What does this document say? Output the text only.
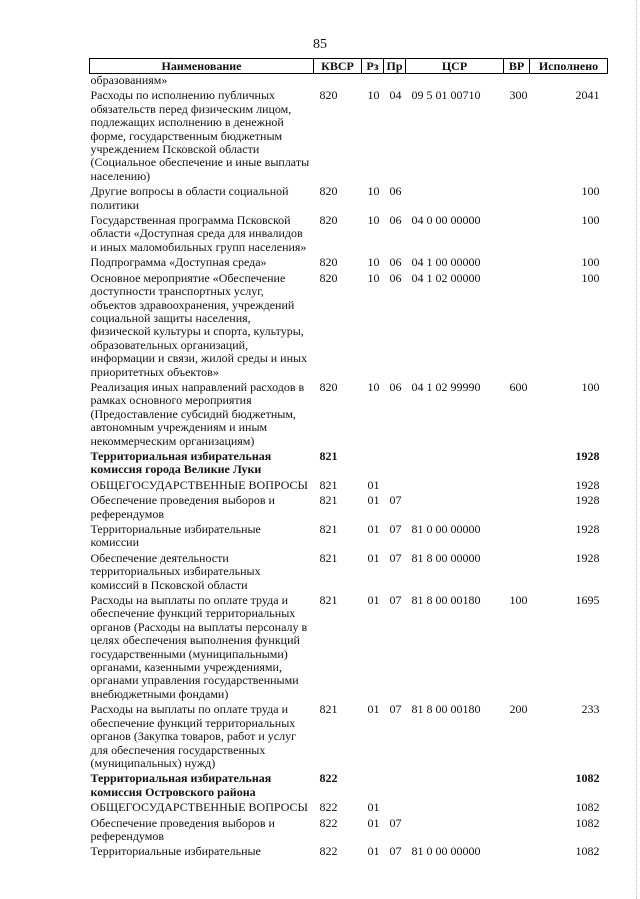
85
Наименование	КВСР	Рз	Пр	ЦСР	ВР	Исполнено
образованиям»						
Расходы по исполнению публичных обязательств перед физическим лицом, подлежащих исполнению в денежной форме, государственным бюджетным учреждением Псковской области (Социальное обеспечение и иные выплаты населению)	820	10	04	09 5 01 00710	300	2041
Другие вопросы в области социальной политики	820	10	06			100
Государственная программа Псковской области «Доступная среда для инвалидов и иных маломобильных групп населения»	820	10	06	04 0 00 00000		100
Подпрограмма «Доступная среда»	820	10	06	04 1 00 00000		100
Основное мероприятие «Обеспечение доступности транспортных услуг, объектов здравоохранения, учреждений социальной защиты населения, физической культуры и спорта, культуры, образовательных организаций, информации и связи, жилой среды и иных приоритетных объектов»	820	10	06	04 1 02 00000		100
Реализация иных направлений расходов в рамках основного мероприятия (Предоставление субсидий бюджетным, автономным учреждениям и иным некоммерческим организациям)	820	10	06	04 1 02 99990	600	100
Территориальная избирательная комиссия города Великие Луки	821					1928
ОБЩЕГОСУДАРСТВЕННЫЕ ВОПРОСЫ	821	01				1928
Обеспечение проведения выборов и референдумов	821	01	07			1928
Территориальные избирательные комиссии	821	01	07	81 0 00 00000		1928
Обеспечение деятельности территориальных избирательных комиссий в Псковской области	821	01	07	81 8 00 00000		1928
Расходы на выплаты по оплате труда и обеспечение функций территориальных органов (Расходы на выплаты персоналу в целях обеспечения выполнения функций государственными (муниципальными) органами, казенными учреждениями, органами управления государственными внебюджетными фондами)	821	01	07	81 8 00 00180	100	1695
Расходы на выплаты по оплате труда и обеспечение функций территориальных органов (Закупка товаров, работ и услуг для обеспечения государственных (муниципальных) нужд)	821	01	07	81 8 00 00180	200	233
Территориальная избирательная комиссия Островского района	822					1082
ОБЩЕГОСУДАРСТВЕННЫЕ ВОПРОСЫ	822	01				1082
Обеспечение проведения выборов и референдумов	822	01	07			1082
Территориальные избирательные	822	01	07	81 0 00 00000		1082
